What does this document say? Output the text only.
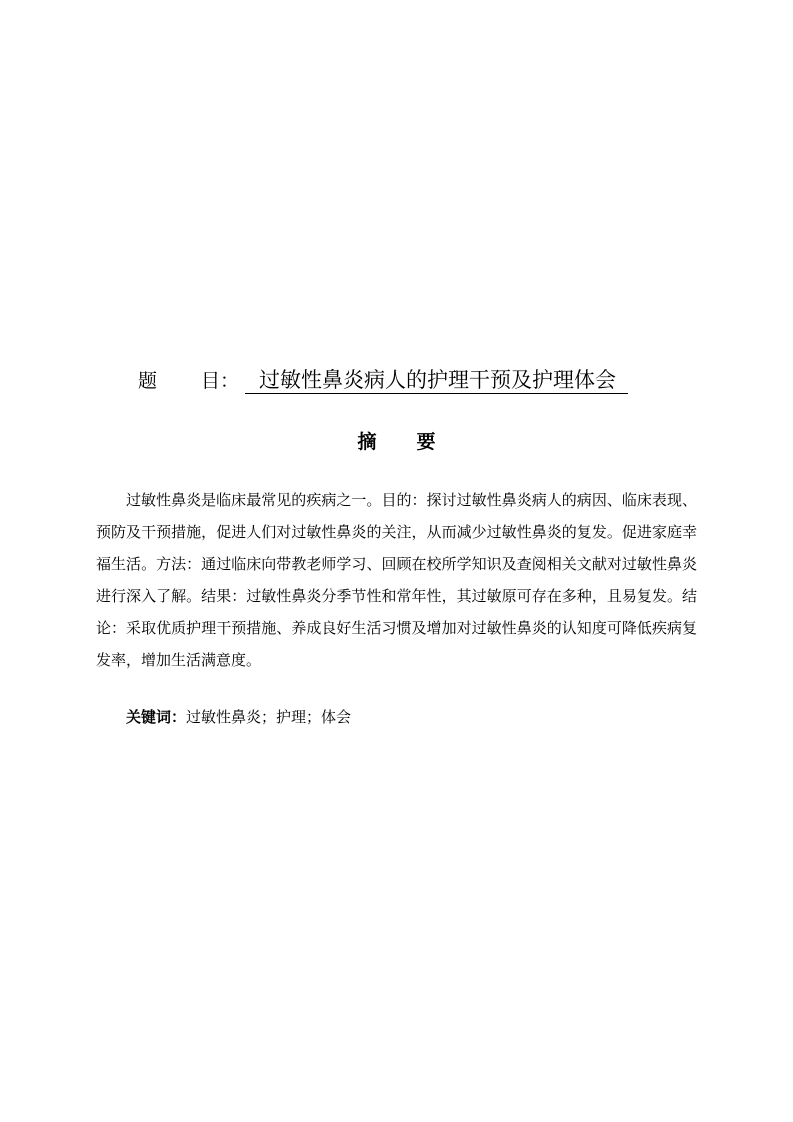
题 目： 过敏性鼻炎病人的护理干预及护理体会
摘 要

过敏性鼻炎是临床最常见的疾病之一。目的：探讨过敏性鼻炎病人的病因、临床表现、预防及干预措施，促进人们对过敏性鼻炎的关注，从而减少过敏性鼻炎的复发。促进家庭幸福生活。方法：通过临床向带教老师学习、回顾在校所学知识及查阅相关文献对过敏性鼻炎进行深入了解。结果：过敏性鼻炎分季节性和常年性，其过敏原可存在多种，且易复发。结论：采取优质护理干预措施、养成良好生活习惯及增加对过敏性鼻炎的认知度可降低疾病复发率，增加生活满意度。

关键词：过敏性鼻炎；护理；体会
